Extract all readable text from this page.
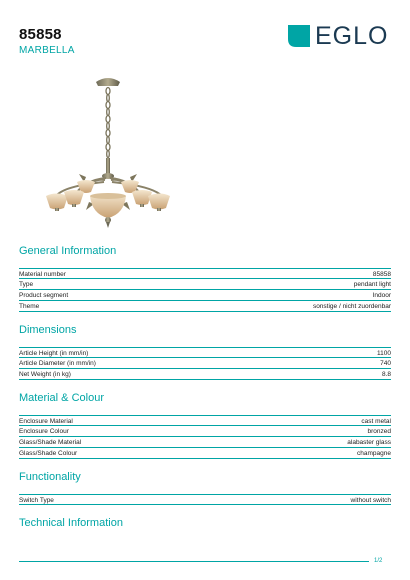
85858
MARBELLA
EGLO
General Information
Material number	85858
Type	pendant light
Product segment	Indoor
Theme	sonstige / nicht zuordenbar
Dimensions
Article Height (in mm/in)	1100
Article Diameter (in mm/in)	740
Net Weight (in kg)	8.8
Material & Colour
Enclosure Material	cast metal
Enclosure Colour	bronzed
Glass/Shade Material	alabaster glass
Glass/Shade Colour	champagne
Functionality
Switch Type	without switch
Technical Information
1/2
